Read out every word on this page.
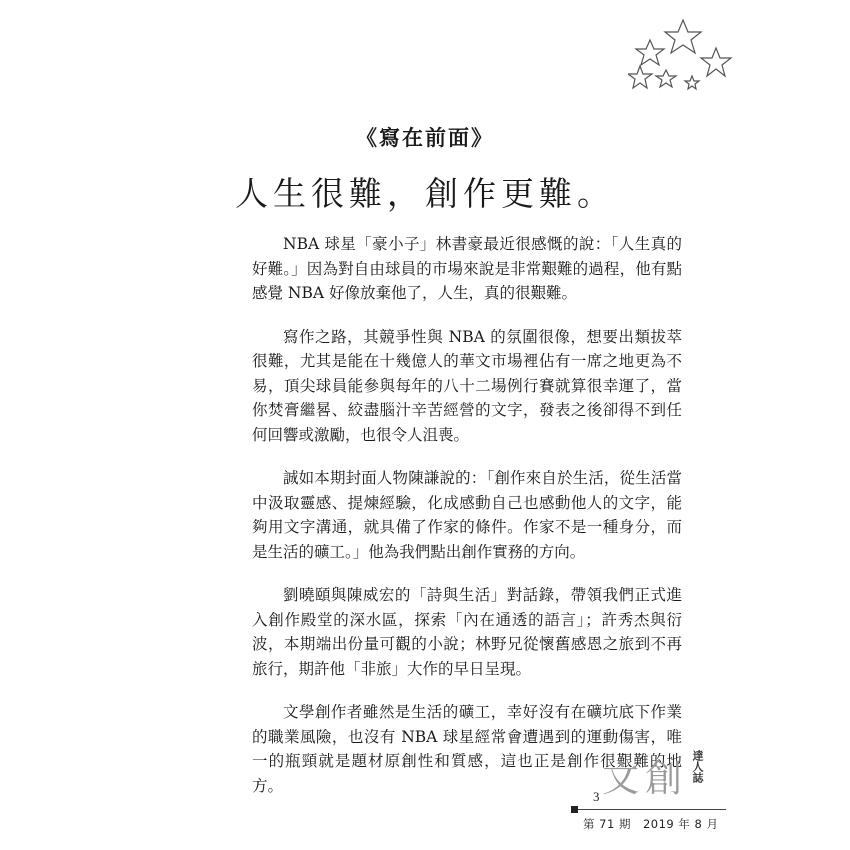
《寫在前面》
人生很難，創作更難。

NBA 球星「豪小子」林書豪最近很感慨的說：「人生真的好難。」因為對自由球員的市場來說是非常艱難的過程，他有點感覺 NBA 好像放棄他了，人生，真的很艱難。

寫作之路，其競爭性與 NBA 的氛圍很像，想要出類拔萃很難，尤其是能在十幾億人的華文市場裡佔有一席之地更為不易，頂尖球員能參與每年的八十二場例行賽就算很幸運了，當你焚膏繼晷、絞盡腦汁辛苦經營的文字，發表之後卻得不到任何回響或激勵，也很令人沮喪。

誠如本期封面人物陳謙說的：「創作來自於生活，從生活當中汲取靈感、提煉經驗，化成感動自己也感動他人的文字，能夠用文字溝通，就具備了作家的條件。作家不是一種身分，而是生活的礦工。」他為我們點出創作實務的方向。

劉曉頤與陳威宏的「詩與生活」對話錄，帶領我們正式進入創作殿堂的深水區，探索「內在通透的語言」；許秀杰與衍波，本期端出份量可觀的小說；林野兄從懷舊感恩之旅到不再旅行，期許他「非旅」大作的早日呈現。

文學創作者雖然是生活的礦工，幸好沒有在礦坑底下作業的職業風險，也沒有 NBA 球星經常會遭遇到的運動傷害，唯一的瓶頸就是題材原創性和質感，這也正是創作很艱難的地方。	文創 達人誌
3
第 71 期　2019 年 8 月
